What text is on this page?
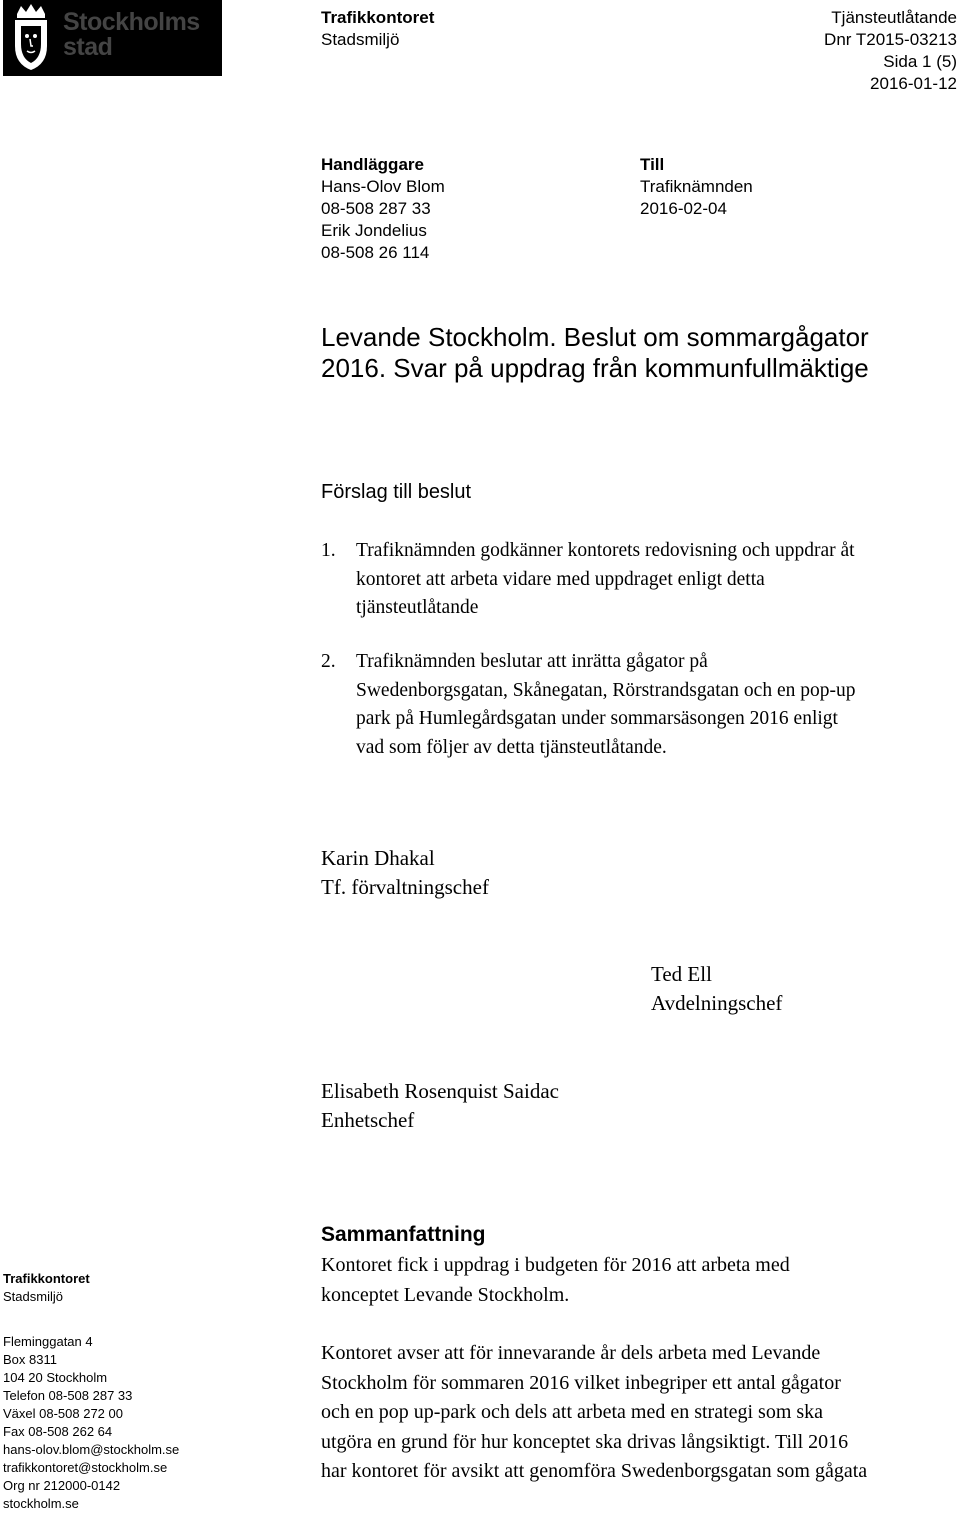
Stockholms
stad
Trafikkontoret
Stadsmiljö
Tjänsteutlåtande
Dnr T2015-03213
Sida 1 (5)
2016-01-12
Handläggare
Hans-Olov Blom
08-508 287 33
Erik Jondelius
08-508 26 114
Till
Trafiknämnden
2016-02-04
Levande Stockholm. Beslut om sommargågator
2016. Svar på uppdrag från kommunfullmäktige
Förslag till beslut
1. Trafiknämnden godkänner kontorets redovisning och uppdrar åt
kontoret att arbeta vidare med uppdraget enligt detta
tjänsteutlåtande
2. Trafiknämnden beslutar att inrätta gågator på
Swedenborgsgatan, Skånegatan, Rörstrandsgatan och en pop-up
park på Humlegårdsgatan under sommarsäsongen 2016 enligt
vad som följer av detta tjänsteutlåtande.
Karin Dhakal
Tf. förvaltningschef
Ted Ell
Avdelningschef
Elisabeth Rosenquist Saidac
Enhetschef
Trafikkontoret
Stadsmiljö
Fleminggatan 4
Box 8311
104 20 Stockholm
Telefon 08-508 287 33
Växel 08-508 272 00
Fax 08-508 262 64
hans-olov.blom@stockholm.se
trafikkontoret@stockholm.se
Org nr 212000-0142
stockholm.se
Sammanfattning
Kontoret fick i uppdrag i budgeten för 2016 att arbeta med
konceptet Levande Stockholm.
Kontoret avser att för innevarande år dels arbeta med Levande
Stockholm för sommaren 2016 vilket inbegriper ett antal gågator
och en pop up-park och dels att arbeta med en strategi som ska
utgöra en grund för hur konceptet ska drivas långsiktigt. Till 2016
har kontoret för avsikt att genomföra Swedenborgsgatan som gågata
